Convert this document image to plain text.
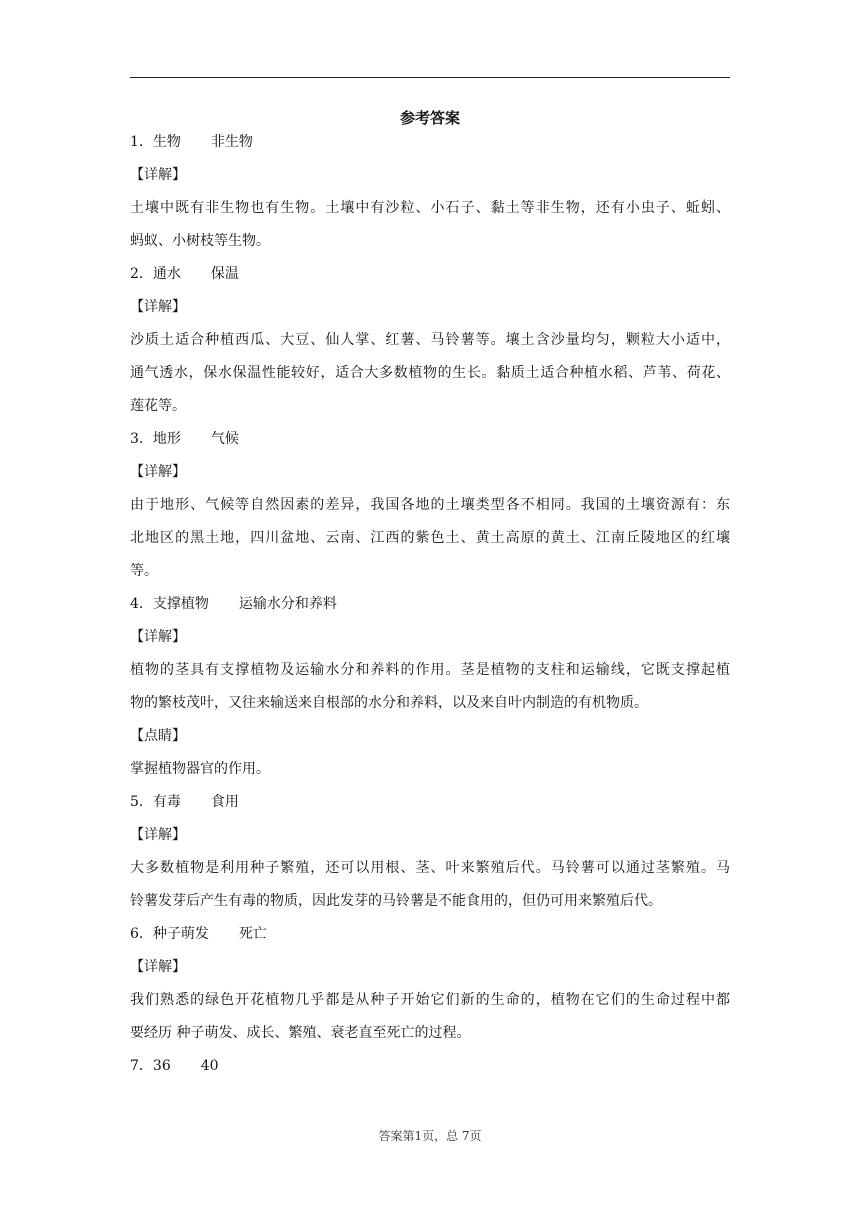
参考答案
1．生物 非生物
【详解】
土壤中既有非生物也有生物。土壤中有沙粒、小石子、黏土等非生物，还有小虫子、蚯蚓、
蚂蚁、小树枝等生物。
2．通水 保温
【详解】
沙质土适合种植西瓜、大豆、仙人掌、红薯、马铃薯等。壤土含沙量均匀，颗粒大小适中，
通气透水，保水保温性能较好，适合大多数植物的生长。黏质土适合种植水稻、芦苇、荷花、
莲花等。
3．地形 气候
【详解】
由于地形、气候等自然因素的差异，我国各地的土壤类型各不相同。我国的土壤资源有：东
北地区的黑土地，四川盆地、云南、江西的紫色土、黄土高原的黄土、江南丘陵地区的红壤
等。
4．支撑植物 运输水分和养料
【详解】
植物的茎具有支撑植物及运输水分和养料的作用。茎是植物的支柱和运输线，它既支撑起植
物的繁枝茂叶，又往来输送来自根部的水分和养料，以及来自叶内制造的有机物质。
【点睛】
掌握植物器官的作用。
5．有毒 食用
【详解】
大多数植物是利用种子繁殖，还可以用根、茎、叶来繁殖后代。马铃薯可以通过茎繁殖。马
铃薯发芽后产生有毒的物质，因此发芽的马铃薯是不能食用的，但仍可用来繁殖后代。
6．种子萌发 死亡
【详解】
我们熟悉的绿色开花植物几乎都是从种子开始它们新的生命的，植物在它们的生命过程中都
要经历 种子萌发、成长、繁殖、衰老直至死亡的过程。
7．36 40
答案第1页，总 7页
